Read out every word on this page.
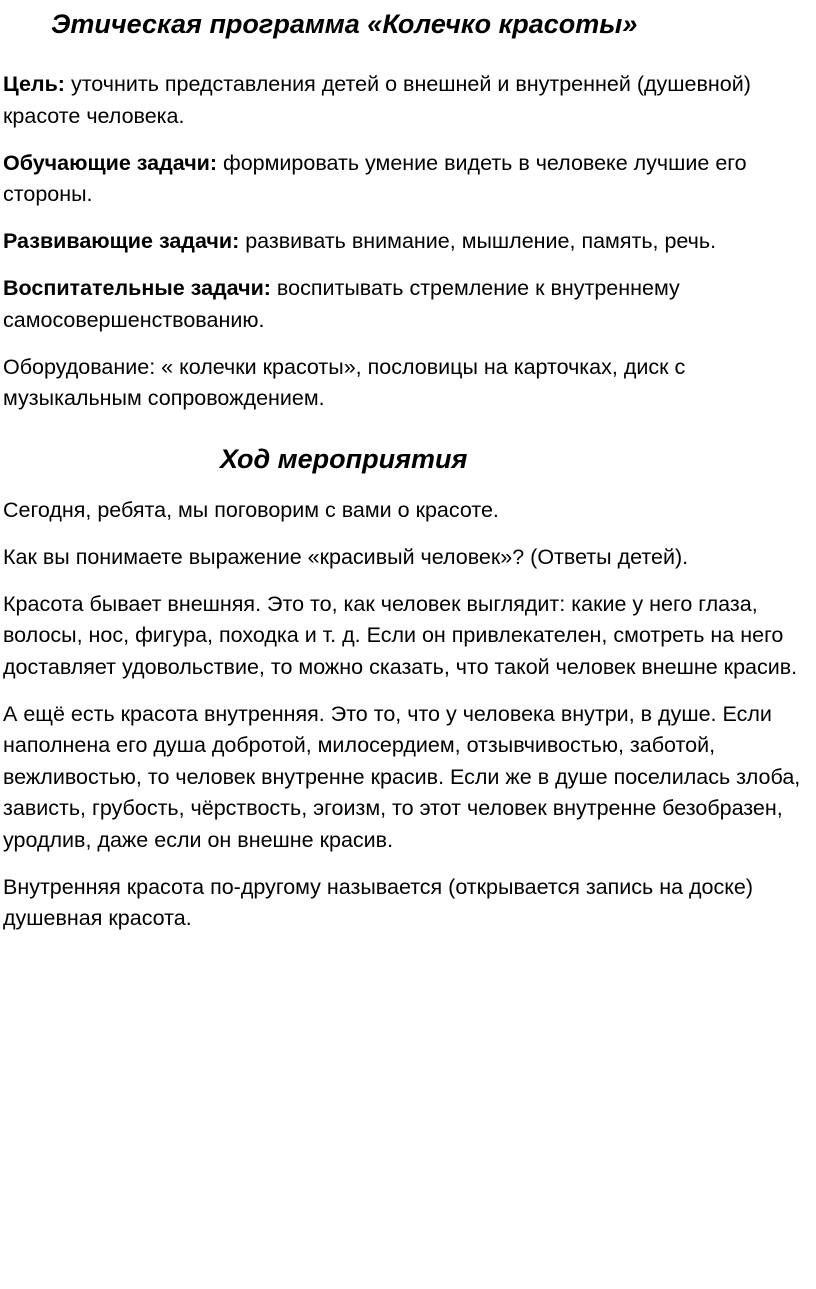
Этическая программа «Колечко красоты»

Цель: уточнить представления детей о внешней и внутренней (душевной) красоте человека.

Обучающие задачи: формировать умение видеть в человеке лучшие его стороны.

Развивающие задачи: развивать внимание, мышление, память, речь.

Воспитательные задачи: воспитывать стремление к внутреннему самосовершенствованию.

Оборудование: « колечки красоты», пословицы на карточках, диск с музыкальным сопровождением.

Ход мероприятия

Сегодня, ребята, мы поговорим с вами о красоте.

Как вы понимаете выражение «красивый человек»? (Ответы детей).

Красота бывает внешняя. Это то, как человек выглядит: какие у него глаза, волосы, нос, фигура, походка и т. д. Если он привлекателен, смотреть на него доставляет удовольствие, то можно сказать, что такой человек внешне красив.

А ещё есть красота внутренняя. Это то, что у человека внутри, в душе. Если наполнена его душа добротой, милосердием, отзывчивостью, заботой, вежливостью, то человек внутренне красив. Если же в душе поселилась злоба, зависть, грубость, чёрствость, эгоизм, то этот человек внутренне безобразен, уродлив, даже если он внешне красив.

Внутренняя красота по-другому называется (открывается запись на доске) душевная красота.
